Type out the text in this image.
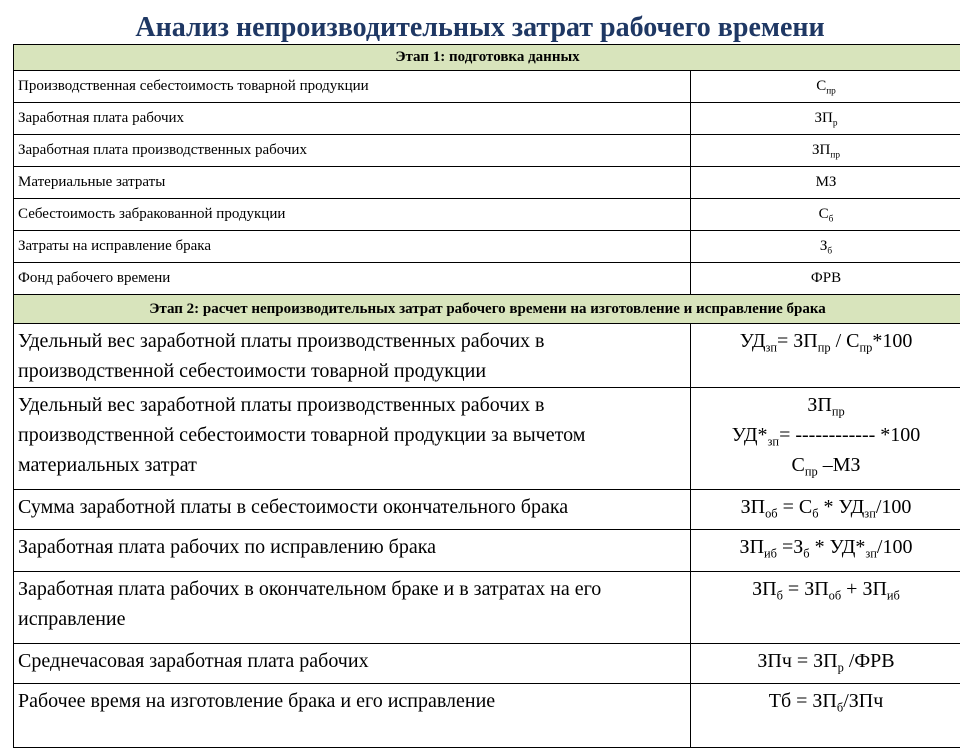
Анализ непроизводительных затрат рабочего времени
Этап 1: подготовка данных	
Производственная себестоимость товарной продукции	$С_{пр}$
Заработная плата рабочих	$ЗП_р$
Заработная плата производственных рабочих	$ЗП_{пр}$
Материальные затраты	МЗ
Себестоимость забракованной продукции	$С_б$
Затраты на исправление брака	$З_б$
Фонд рабочего времени	ФРВ
Этап 2: расчет непроизводительных затрат рабочего времени на изготовление и исправление брака	
Удельный вес заработной платы производственных рабочих в производственной себестоимости товарной продукции	$УД_{зп}= ЗП_{пр} / С_{пр}*100$
Удельный вес заработной платы производственных рабочих в производственной себестоимости товарной продукции за вычетом материальных затрат	$ЗП_{пр}$
$УД*_{зп}=$ ------------ *100
$С_{пр}$ –МЗ

Сумма заработной платы в себестоимости окончательного брака	$ЗП_{об} = С_б * УД_{зп}/100$
Заработная плата рабочих по исправлению брака	$ЗП_{иб} =З_б * УД*_{зп}/100$
Заработная плата рабочих в окончательном браке и в затратах на его исправление	$ЗП_б = ЗП_{об} + ЗП_{иб}$
Среднечасовая заработная плата рабочих	ЗПч = $ЗП_р$ /ФРВ
Рабочее время на изготовление брака и его исправление	Тб = $ЗП_б$/ЗПч
